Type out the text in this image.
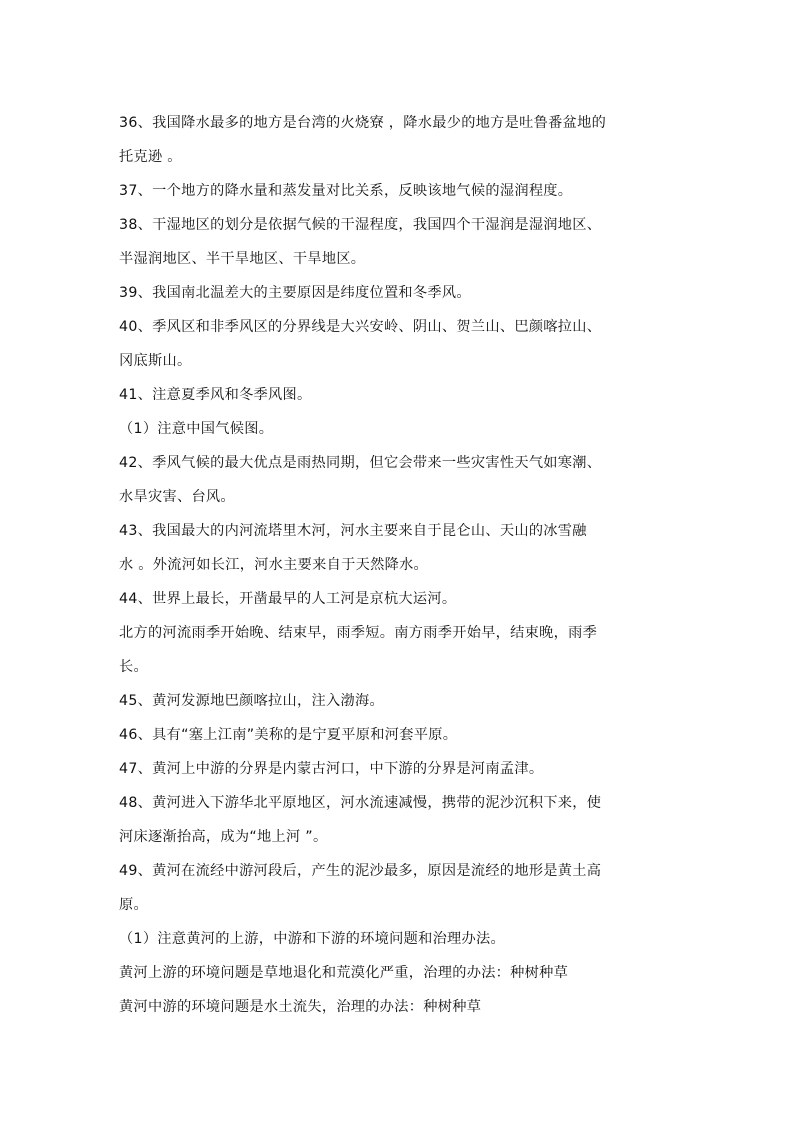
36、我国降水最多的地方是台湾的火烧寮 ，降水最少的地方是吐鲁番盆地的
托克逊 。
37、一个地方的降水量和蒸发量对比关系，反映该地气候的湿润程度。
38、干湿地区的划分是依据气候的干湿程度，我国四个干湿润是湿润地区、
半湿润地区、半干旱地区、干旱地区。
39、我国南北温差大的主要原因是纬度位置和冬季风。
40、季风区和非季风区的分界线是大兴安岭、阴山、贺兰山、巴颜喀拉山、
冈底斯山。
41、注意夏季风和冬季风图。
（1）注意中国气候图。
42、季风气候的最大优点是雨热同期，但它会带来一些灾害性天气如寒潮、
水旱灾害、台风。
43、我国最大的内河流塔里木河，河水主要来自于昆仑山、天山的冰雪融
水 。外流河如长江，河水主要来自于天然降水。
44、世界上最长，开凿最早的人工河是京杭大运河。
北方的河流雨季开始晚、结束早，雨季短。南方雨季开始早，结束晚，雨季
长。
45、黄河发源地巴颜喀拉山，注入渤海。
46、具有“塞上江南”美称的是宁夏平原和河套平原。
47、黄河上中游的分界是内蒙古河口，中下游的分界是河南孟津。
48、黄河进入下游华北平原地区，河水流速减慢，携带的泥沙沉积下来，使
河床逐渐抬高，成为“地上河 ”。
49、黄河在流经中游河段后，产生的泥沙最多，原因是流经的地形是黄土高
原。
（1）注意黄河的上游，中游和下游的环境问题和治理办法。
黄河上游的环境问题是草地退化和荒漠化严重，治理的办法：种树种草
黄河中游的环境问题是水土流失，治理的办法：种树种草
